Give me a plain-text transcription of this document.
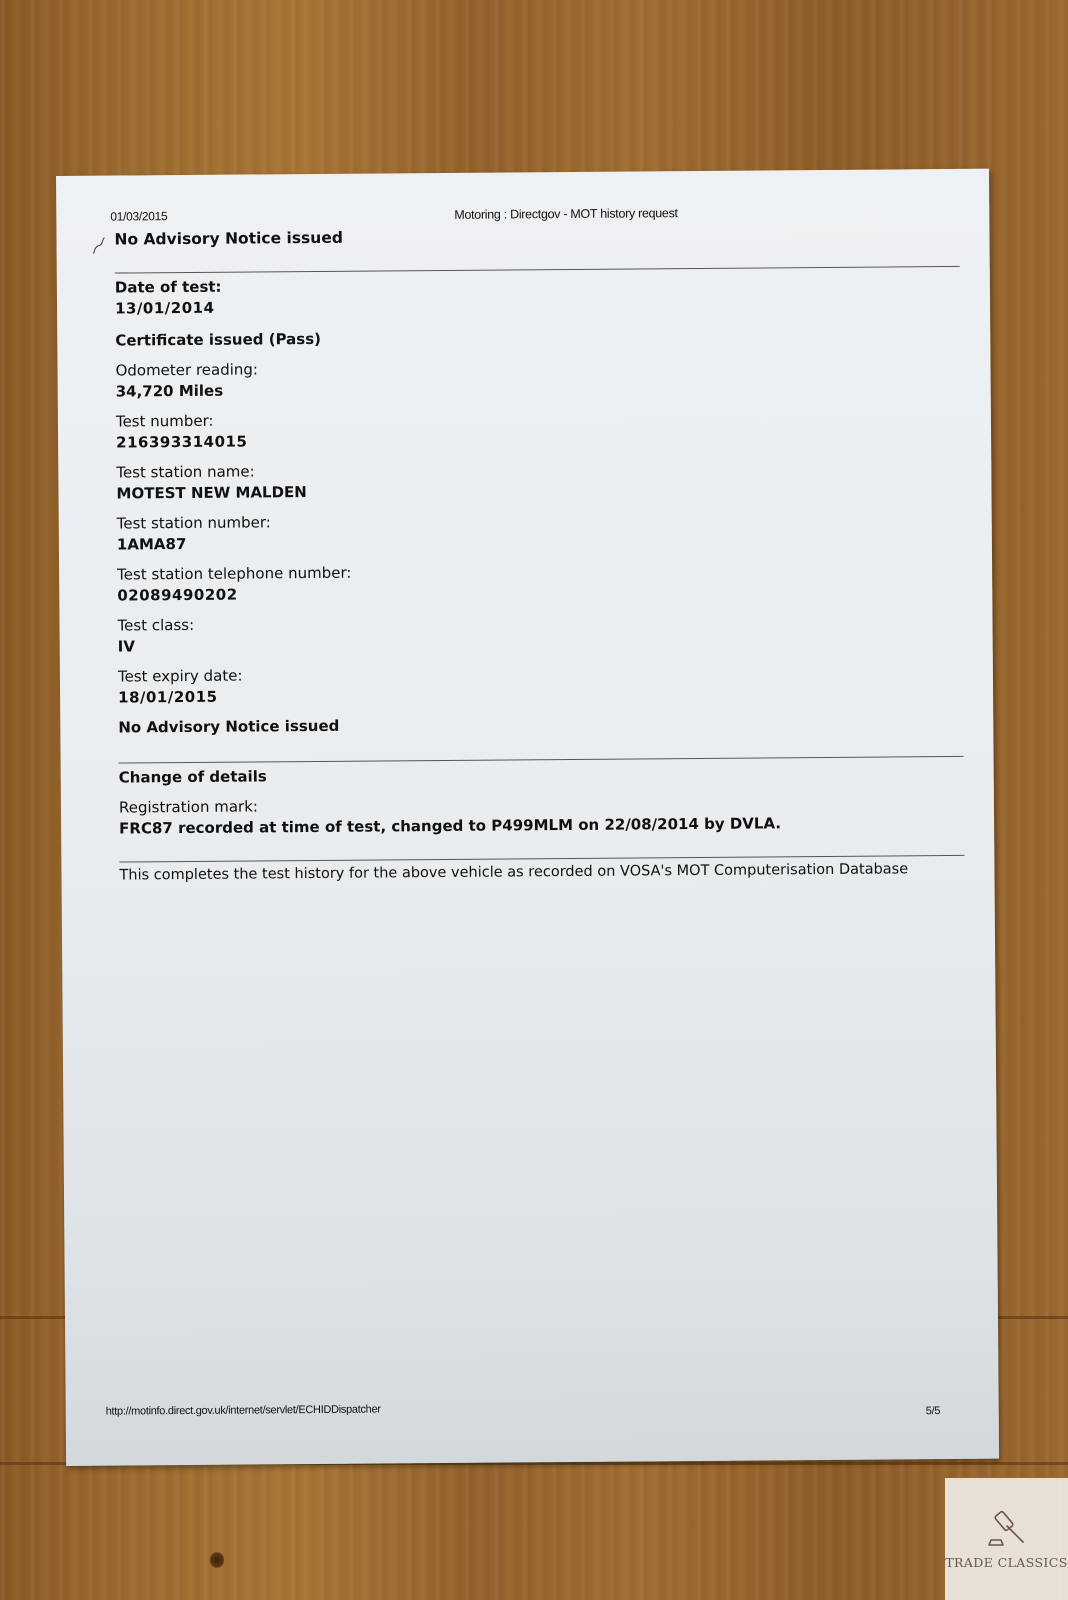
01/03/2015	Motoring : Directgov - MOT history request
No Advisory Notice issued
Date of test:
13/01/2014
Certificate issued (Pass)
Odometer reading:
34,720 Miles
Test number:
216393314015
Test station name:
MOTEST NEW MALDEN
Test station number:
1AMA87
Test station telephone number:
02089490202
Test class:
IV
Test expiry date:
18/01/2015
No Advisory Notice issued
Change of details
Registration mark:
FRC87 recorded at time of test, changed to P499MLM on 22/08/2014 by DVLA.
This completes the test history for the above vehicle as recorded on VOSA's MOT Computerisation Database
http://motinfo.direct.gov.uk/internet/servlet/ECHIDDispatcher	5/5
TRADE CLASSICS
